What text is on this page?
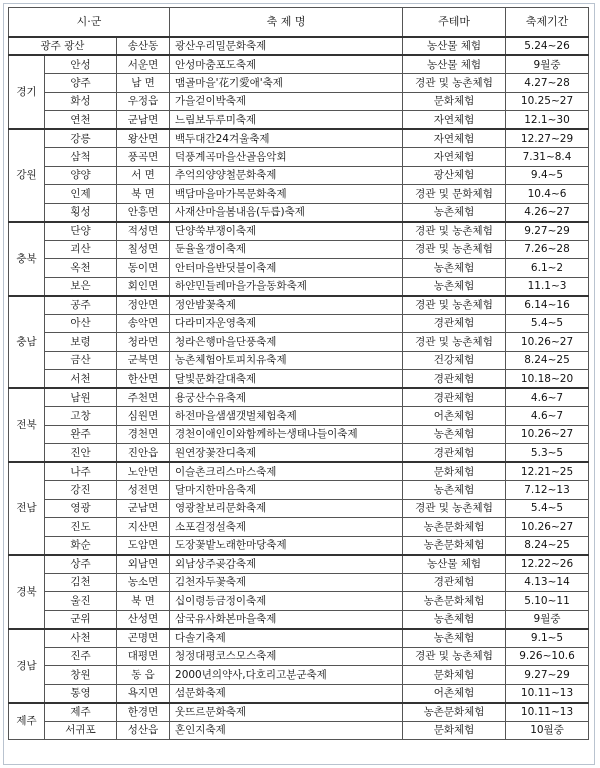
시·군			축 제 명	주테마	축제기간
광주 광산		송산동	광산우리밀문화축제	농산물 체험	5.24~26
경기	안성	서운면	안성마춤포도축제	농산물 체험	9월중
	양주	남 면	맴골마을'花기愛애'축제	경관 및 농촌체험	4.27~28
	화성	우정읍	가을걷이박축제	문화체험	10.25~27
	연천	군남면	느림보두루미축제	자연체험	12.1~30
강원	강릉	왕산면	백두대간24겨울축제	자연체험	12.27~29
	삼척	풍곡면	덕풍계곡마을산골음악회	자연체험	7.31~8.4
	양양	서 면	추억의양양철문화축제	광산체험	9.4~5
	인제	북 면	백담마을마가목문화축제	경관 및 문화체험	10.4~6
	횡성	안흥면	사재산마을봄내음(두릅)축제	농촌체험	4.26~27
충북	단양	적성면	단양쑥부쟁이축제	경관 및 농촌체험	9.27~29
	괴산	칠성면	둔율올갱이축제	경관 및 농촌체험	7.26~28
	옥천	동이면	안터마을반딧불이축제	농촌체험	6.1~2
	보은	회인면	하얀민들레마을가을동화축제	농촌체험	11.1~3
충남	공주	정안면	정안밤꽃축제	경관 및 농촌체험	6.14~16
	아산	송악면	다라미자운영축제	경관체험	5.4~5
	보령	청라면	청라은행마을단풍축제	경관 및 농촌체험	10.26~27
	금산	군북면	농촌체험아토피치유축제	건강체험	8.24~25
	서천	한산면	달빛문화갈대축제	경관체험	10.18~20
전북	남원	주천면	용궁산수유축제	경관체험	4.6~7
	고창	심원면	하전마을샘샘갯벌체험축제	어촌체험	4.6~7
	완주	경천면	경천이애인이와함께하는생태나들이축제	농촌체험	10.26~27
	진안	진안읍	원연장꽃잔디축제	경관체험	5.3~5
전남	나주	노안면	이슬촌크리스마스축제	문화체험	12.21~25
	강진	성전면	달마지한마음축제	농촌체험	7.12~13
	영광	군남면	영광찰보리문화축제	경관 및 농촌체험	5.4~5
	진도	지산면	소포걸정설축제	농촌문화체험	10.26~27
	화순	도암면	도장꽃밭노래한마당축제	농촌문화체험	8.24~25
경북	상주	외남면	외남상주곶감축제	농산물 체험	12.22~26
	김천	농소면	김천자두꽃축제	경관체험	4.13~14
	울진	북 면	십이령등금정이축제	농촌문화체험	5.10~11
	군위	산성면	삼국유사화본마을축제	농촌체험	9월중
경남	사천	곤명면	다솔기축제	농촌체험	9.1~5
	진주	대평면	청정대평코스모스축제	경관 및 농촌체험	9.26~10.6
	창원	동 읍	2000년의약사,다호리고분군축제	문화체험	9.27~29
	통영	욕지면	섬문화축제	어촌체험	10.11~13
제주	제주	한경면	웃뜨르문화축제	농촌문화체험	10.11~13
	서귀포	성산읍	혼인지축제	문화체험	10월중
